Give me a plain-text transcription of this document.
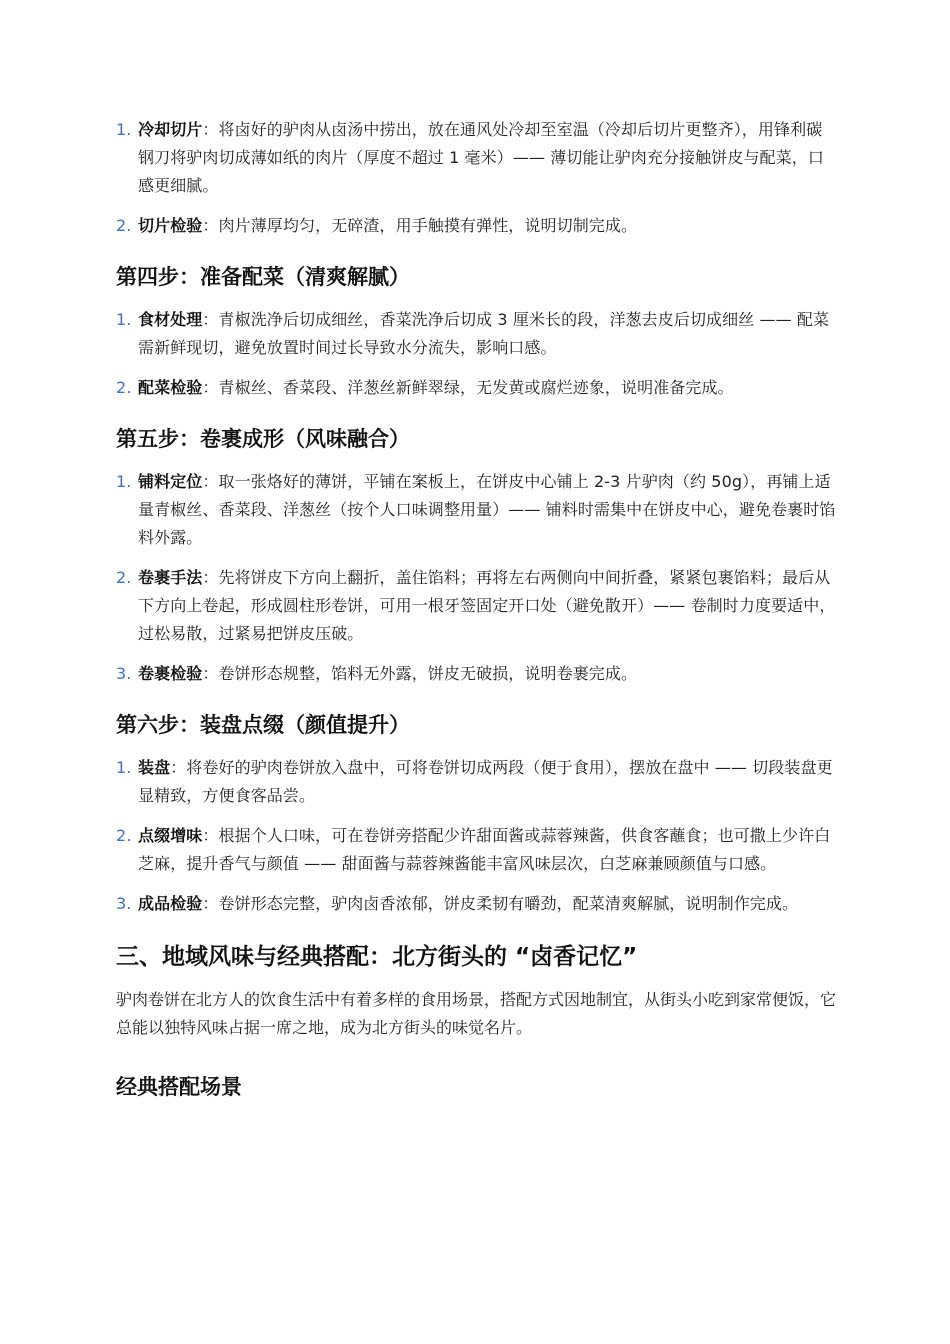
1. 冷却切片：将卤好的驴肉从卤汤中捞出，放在通风处冷却至室温（冷却后切片更整齐），用锋利碳钢刀将驴肉切成薄如纸的肉片（厚度不超过 1 毫米）—— 薄切能让驴肉充分接触饼皮与配菜，口感更细腻。
2. 切片检验：肉片薄厚均匀，无碎渣，用手触摸有弹性，说明切制完成。
第四步：准备配菜（清爽解腻）
1. 食材处理：青椒洗净后切成细丝，香菜洗净后切成 3 厘米长的段，洋葱去皮后切成细丝 —— 配菜需新鲜现切，避免放置时间过长导致水分流失，影响口感。
2. 配菜检验：青椒丝、香菜段、洋葱丝新鲜翠绿，无发黄或腐烂迹象，说明准备完成。
第五步：卷裹成形（风味融合）
1. 铺料定位：取一张烙好的薄饼，平铺在案板上，在饼皮中心铺上 2-3 片驴肉（约 50g），再铺上适量青椒丝、香菜段、洋葱丝（按个人口味调整用量）—— 铺料时需集中在饼皮中心，避免卷裹时馅料外露。
2. 卷裹手法：先将饼皮下方向上翻折，盖住馅料；再将左右两侧向中间折叠，紧紧包裹馅料；最后从下方向上卷起，形成圆柱形卷饼，可用一根牙签固定开口处（避免散开）—— 卷制时力度要适中，过松易散，过紧易把饼皮压破。
3. 卷裹检验：卷饼形态规整，馅料无外露，饼皮无破损，说明卷裹完成。
第六步：装盘点缀（颜值提升）
1. 装盘：将卷好的驴肉卷饼放入盘中，可将卷饼切成两段（便于食用），摆放在盘中 —— 切段装盘更显精致，方便食客品尝。
2. 点缀增味：根据个人口味，可在卷饼旁搭配少许甜面酱或蒜蓉辣酱，供食客蘸食；也可撒上少许白芝麻，提升香气与颜值 —— 甜面酱与蒜蓉辣酱能丰富风味层次，白芝麻兼顾颜值与口感。
3. 成品检验：卷饼形态完整，驴肉卤香浓郁，饼皮柔韧有嚼劲，配菜清爽解腻，说明制作完成。
三、地域风味与经典搭配：北方街头的 “卤香记忆”

驴肉卷饼在北方人的饮食生活中有着多样的食用场景，搭配方式因地制宜，从街头小吃到家常便饭，它总能以独特风味占据一席之地，成为北方街头的味觉名片。

经典搭配场景
